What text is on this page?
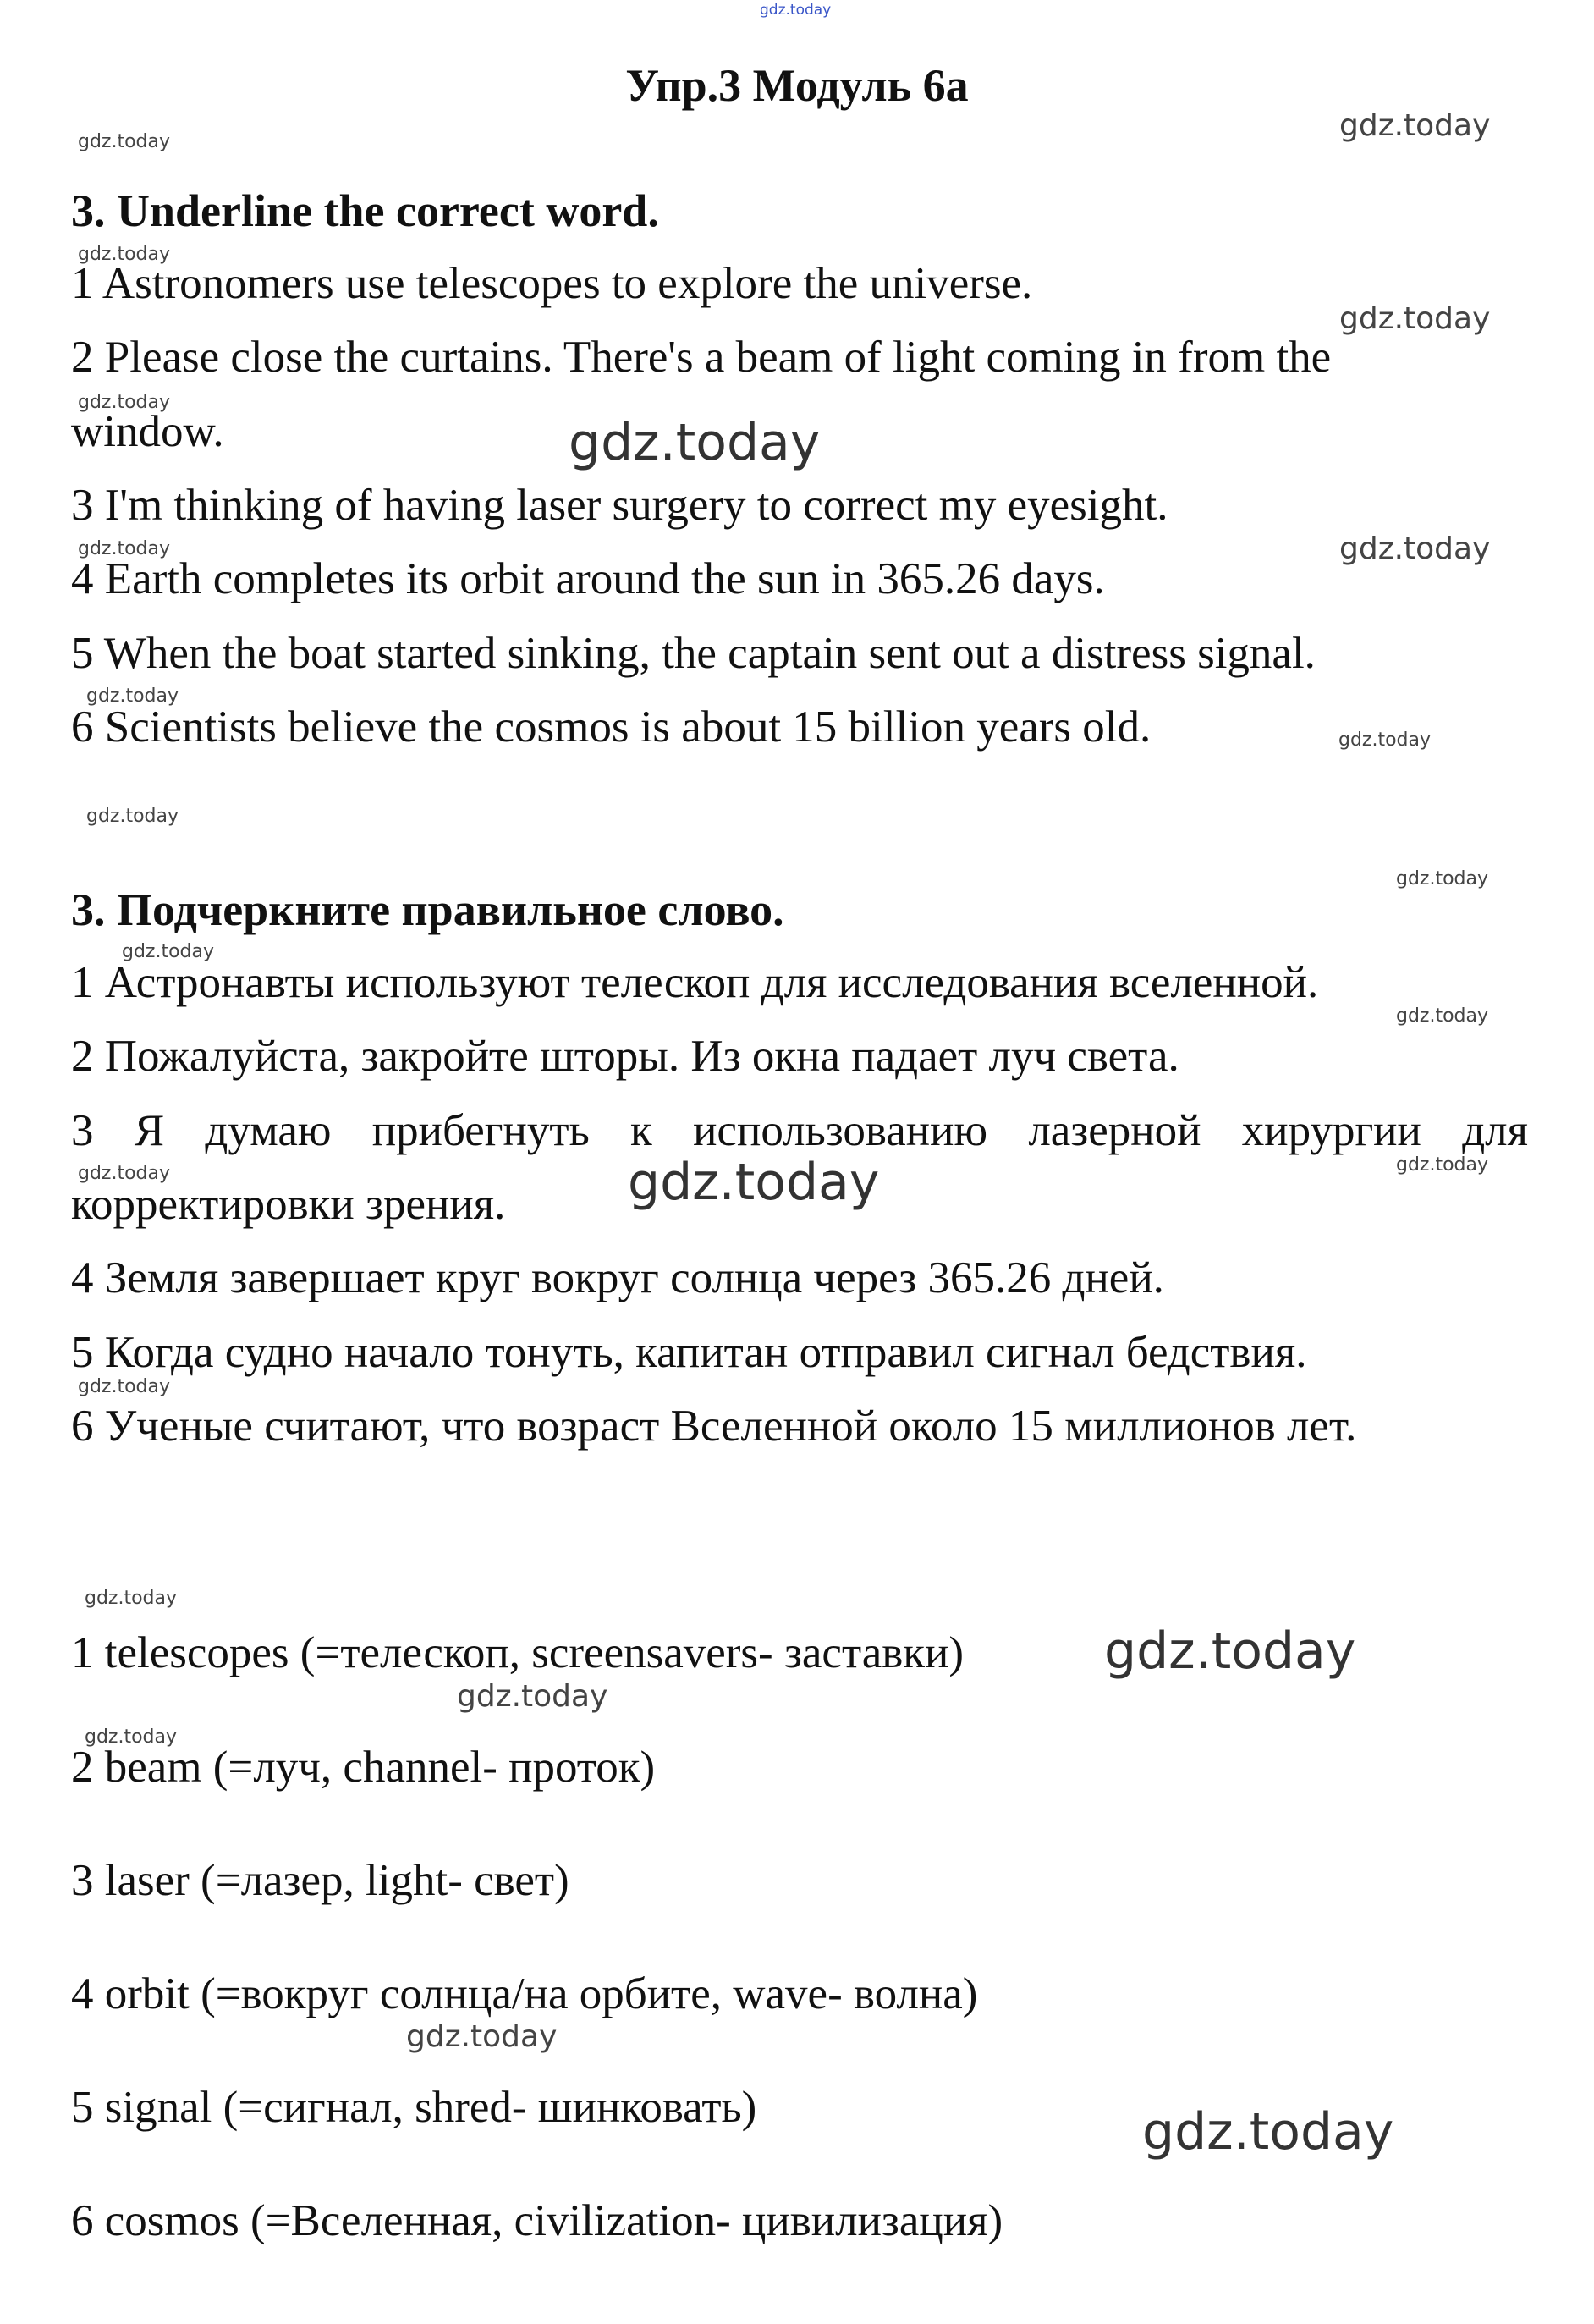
gdz.today
gdz.today
gdz.today
gdz.today
gdz.today
gdz.today
gdz.today
gdz.today	gdz.today
gdz.today
gdz.today
gdz.today
gdz.today
gdz.today
gdz.today
gdz.today	gdz.today
gdz.today
gdz.today
gdz.today
gdz.today
gdz.today
gdz.today
gdz.today
gdz.today
Упр.3 Модуль 6а
3. Underline the correct word.
1 Astronomers use telescopes to explore the universe.
2 Please close the curtains. There's a beam of light coming in from the
window.
3 I'm thinking of having laser surgery to correct my eyesight.
4 Earth completes its orbit around the sun in 365.26 days.
5 When the boat started sinking, the captain sent out a distress signal.
6 Scientists believe the cosmos is about 15 billion years old.
3. Подчеркните правильное слово.
1 Астронавты используют телескоп для исследования вселенной.
2 Пожалуйста, закройте шторы. Из окна падает луч света.
3 Я думаю прибегнуть к использованию лазерной хирургии для
корректировки зрения.
4 Земля завершает круг вокруг солнца через 365.26 дней.
5 Когда судно начало тонуть, капитан отправил сигнал бедствия.
6 Ученые считают, что возраст Вселенной около 15 миллионов лет.
1 telescopes (=телескоп, screensavers- заставки)
2 beam (=луч, channel- проток)
3 laser (=лазер, light- свет)
4 orbit (=вокруг солнца/на орбите, wave- волна)
5 signal (=сигнал, shred- шинковать)
6 cosmos (=Вселенная, civilization- цивилизация)
